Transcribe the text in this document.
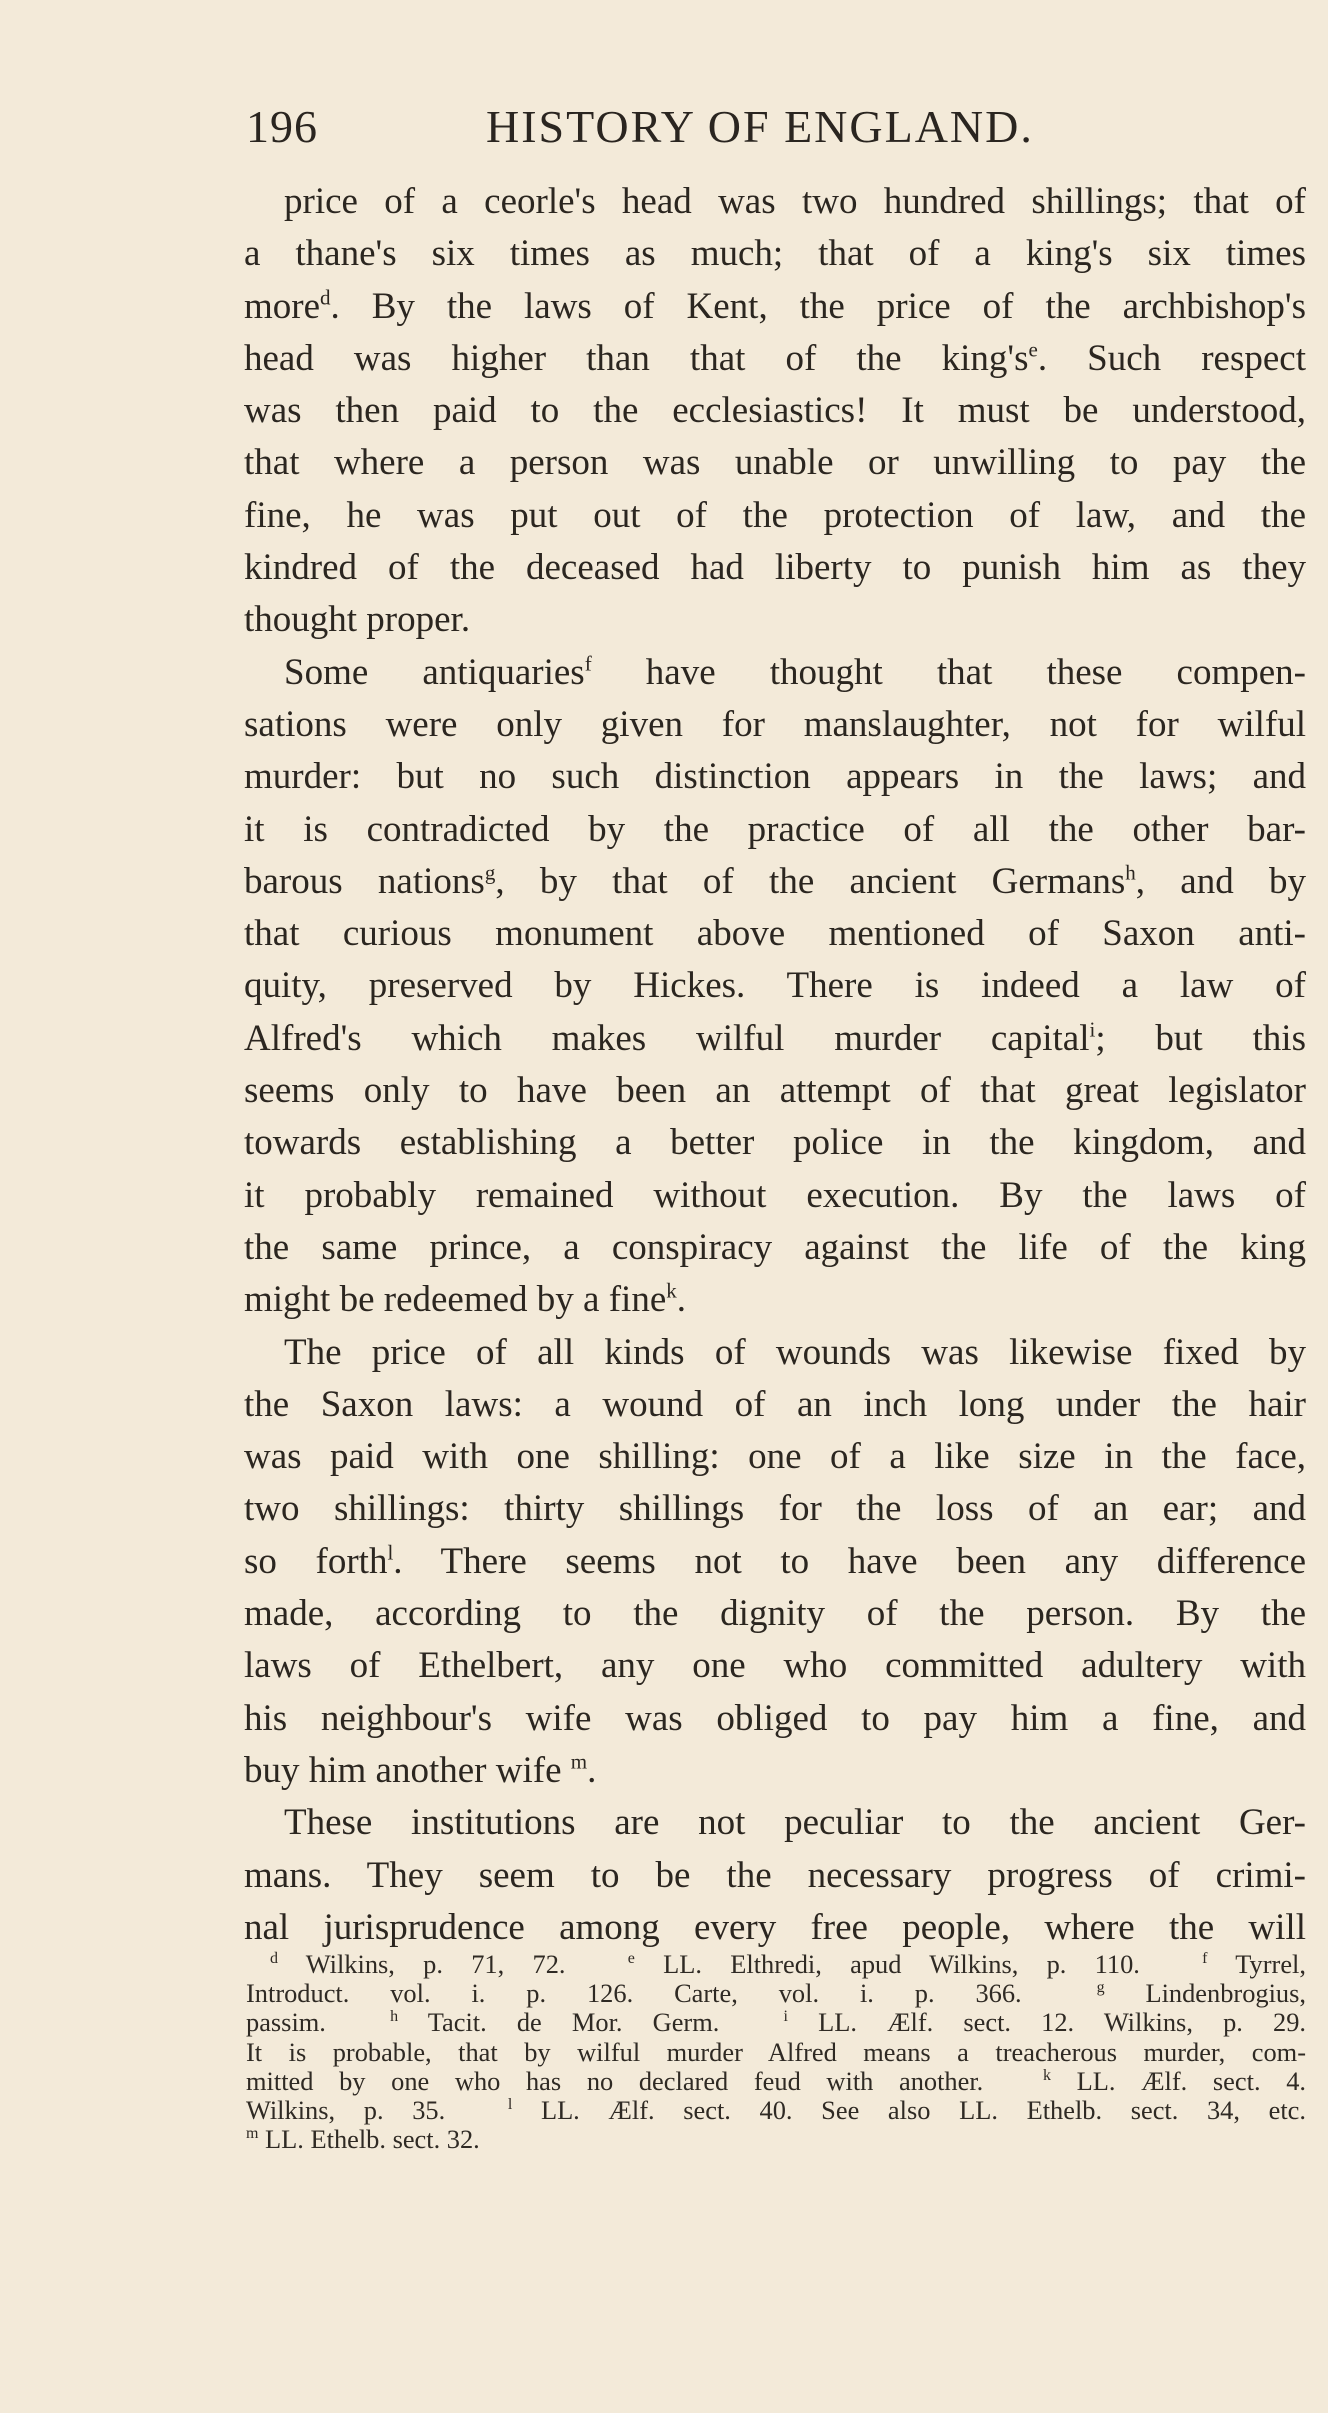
196	HISTORY OF ENGLAND.
price of a ceorle's head was two hundred shillings; that of
a thane's six times as much; that of a king's six times
more$^d$. By the laws of Kent, the price of the archbishop's
head was higher than that of the king's$^e$. Such respect
was then paid to the ecclesiastics! It must be understood,
that where a person was unable or unwilling to pay the
fine, he was put out of the protection of law, and the
kindred of the deceased had liberty to punish him as they
thought proper.
Some antiquaries$^f$ have thought that these compen-
sations were only given for manslaughter, not for wilful
murder: but no such distinction appears in the laws; and
it is contradicted by the practice of all the other bar-
barous nations$^g$, by that of the ancient Germans$^h$, and by
that curious monument above mentioned of Saxon anti-
quity, preserved by Hickes. There is indeed a law of
Alfred's which makes wilful murder capital$^i$; but this
seems only to have been an attempt of that great legislator
towards establishing a better police in the kingdom, and
it probably remained without execution. By the laws of
the same prince, a conspiracy against the life of the king
might be redeemed by a fine$^k$.
The price of all kinds of wounds was likewise fixed by
the Saxon laws: a wound of an inch long under the hair
was paid with one shilling: one of a like size in the face,
two shillings: thirty shillings for the loss of an ear; and
so forth$^l$. There seems not to have been any difference
made, according to the dignity of the person. By the
laws of Ethelbert, any one who committed adultery with
his neighbour's wife was obliged to pay him a fine, and
buy him another wife $^m$.
These institutions are not peculiar to the ancient Ger-
mans. They seem to be the necessary progress of crimi-
nal jurisprudence among every free people, where the will
$^d$ Wilkins, p. 71, 72.	$^e$ LL. Elthredi, apud Wilkins, p. 110.	$^f$ Tyrrel,
Introduct. vol. i. p. 126. Carte, vol. i. p. 366.	$^g$ Lindenbrogius,
passim.	$^h$ Tacit. de Mor. Germ.	$^i$ LL. Ælf. sect. 12. Wilkins, p. 29.
It is probable, that by wilful murder Alfred means a treacherous murder, com-
mitted by one who has no declared feud with another.	$^k$ LL. Ælf. sect. 4.
Wilkins, p. 35.	$^l$ LL. Ælf. sect. 40. See also LL. Ethelb. sect. 34, etc.
$^m$ LL. Ethelb. sect. 32.
